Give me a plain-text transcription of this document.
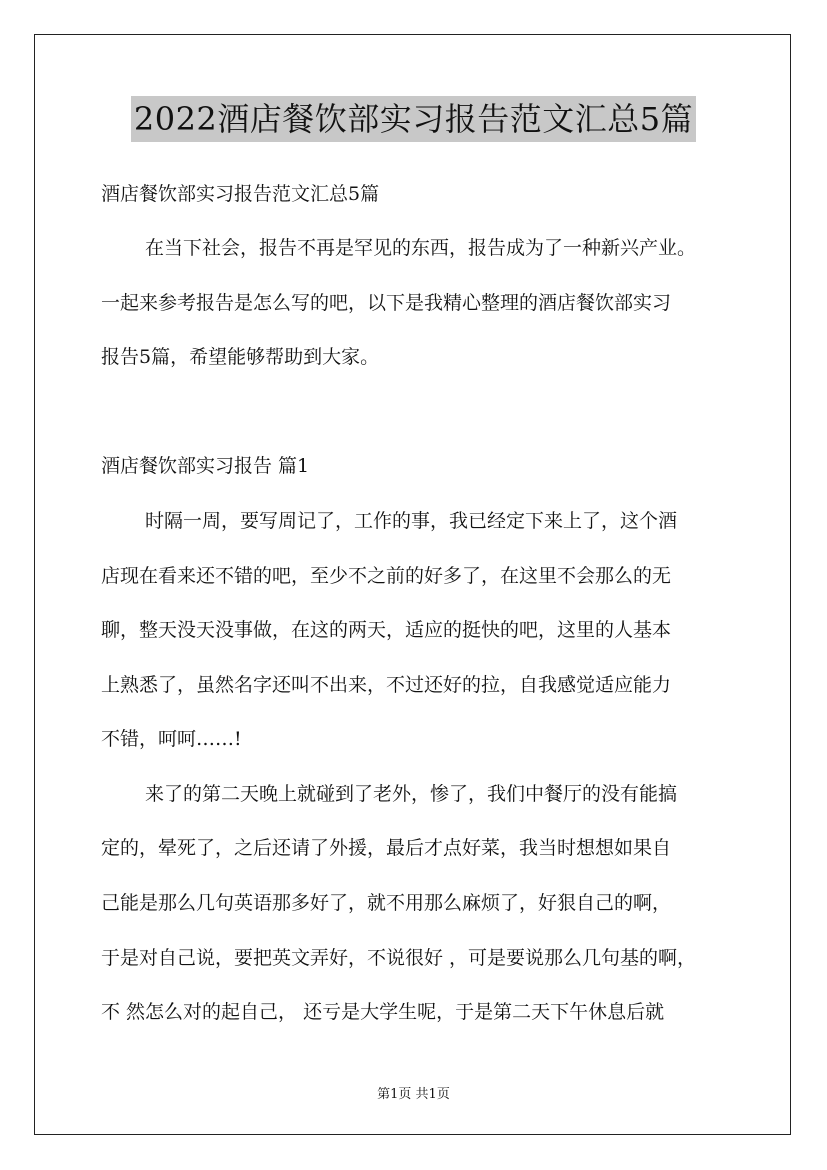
2022酒店餐饮部实习报告范文汇总5篇
酒店餐饮部实习报告范文汇总5篇
在当下社会，报告不再是罕见的东西，报告成为了一种新兴产业。
一起来参考报告是怎么写的吧，以下是我精心整理的酒店餐饮部实习
报告5篇，希望能够帮助到大家。
酒店餐饮部实习报告 篇1
时隔一周，要写周记了，工作的事，我已经定下来上了，这个酒
店现在看来还不错的吧，至少不之前的好多了，在这里不会那么的无
聊，整天没天没事做，在这的两天，适应的挺快的吧，这里的人基本
上熟悉了，虽然名字还叫不出来，不过还好的拉，自我感觉适应能力
不错，呵呵……!
来了的第二天晚上就碰到了老外，惨了，我们中餐厅的没有能搞
定的，晕死了，之后还请了外援，最后才点好菜，我当时想想如果自
己能是那么几句英语那多好了，就不用那么麻烦了，好狠自己的啊，
于是对自己说，要把英文弄好，不说很好 ，可是要说那么几句基的啊，
不 然怎么对的起自己， 还亏是大学生呢，于是第二天下午休息后就
第1页 共1页
